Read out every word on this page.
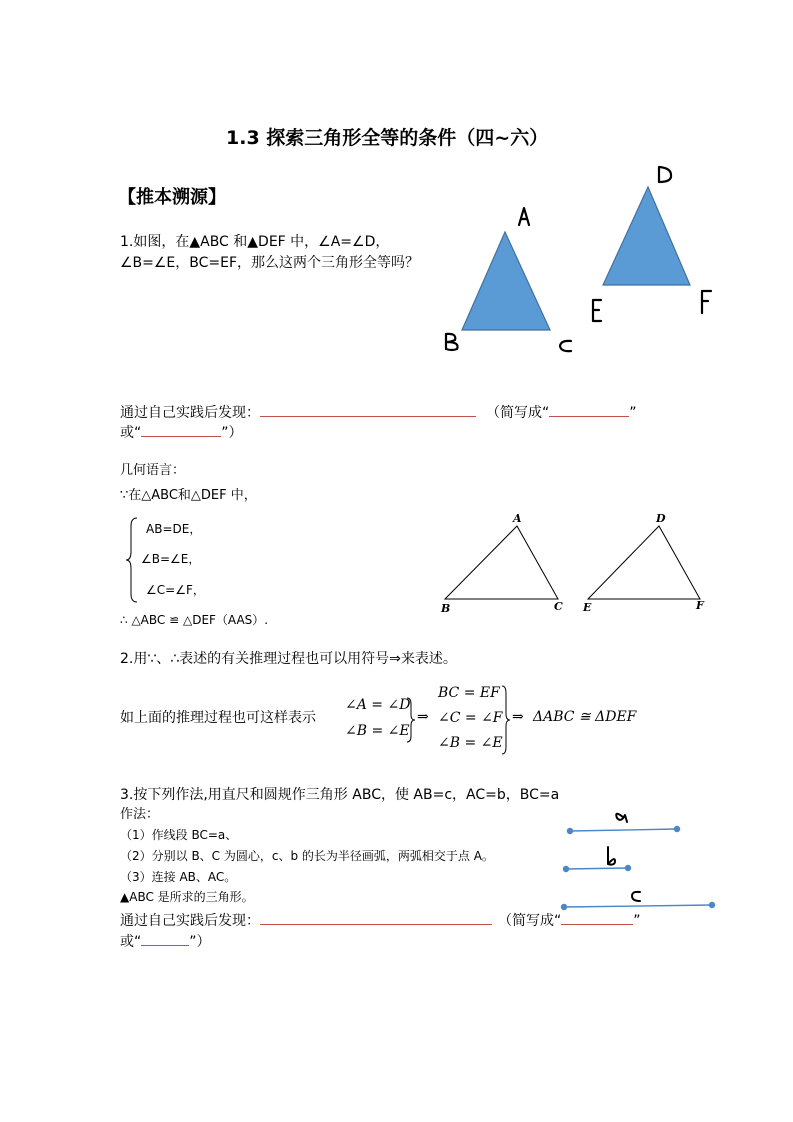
1.3 探索三角形全等的条件（四~六）
【推本溯源】
1.如图，在▲ABC 和▲DEF 中，∠A=∠D，
∠B=∠E，BC=EF，那么这两个三角形全等吗？
通过自己实践后发现：	（简写成“	”
或“	”）
几何语言：
∵在△ABC和△DEF 中，
AB=DE，
∠B=∠E，
∠C=∠F，
∴ △ABC ≌ △DEF（AAS）.
A
B	C
D
E	F
2.用∵、∴表述的有关推理过程也可以用符号⇒来表述。
如上面的推理过程也可这样表示
∠A = ∠D
∠B = ∠E
⇒
BC = EF
∠C = ∠F
∠B = ∠E
⇒ ΔABC ≅ ΔDEF
3.按下列作法,用直尺和圆规作三角形 ABC，使 AB=c，AC=b，BC=a
作法：
（1）作线段 BC=a、
（2）分别以 B、C 为圆心，c、b 的长为半径画弧，两弧相交于点 A。
（3）连接 AB、AC。
▲ABC 是所求的三角形。
通过自己实践后发现：	（简写成“	”
或“	”）
